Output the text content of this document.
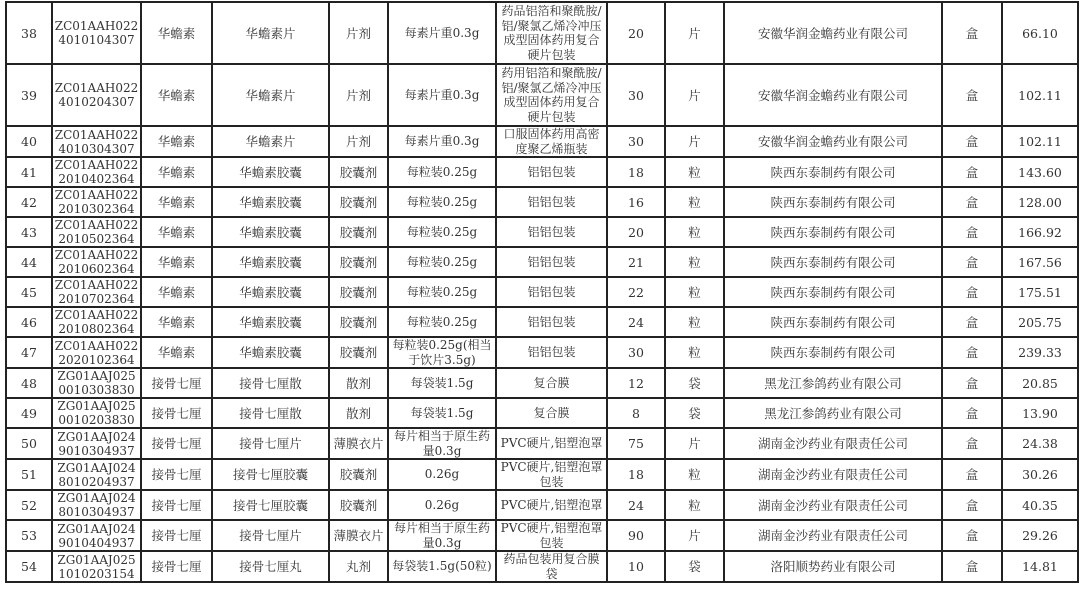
38	ZC01AAH0224010104307	华蟾素	华蟾素片	片剂	每素片重0.3g	药品铝箔和聚酰胺/铝/聚氯乙烯冷冲压成型固体药用复合硬片包装	20	片	安徽华润金蟾药业有限公司	盒	66.10
39	ZC01AAH0224010204307	华蟾素	华蟾素片	片剂	每素片重0.3g	药用铝箔和聚酰胺/铝/聚氯乙烯冷冲压成型固体药用复合硬片包装	30	片	安徽华润金蟾药业有限公司	盒	102.11
40	ZC01AAH0224010304307	华蟾素	华蟾素片	片剂	每素片重0.3g	口服固体药用高密度聚乙烯瓶装	30	片	安徽华润金蟾药业有限公司	盒	102.11
41	ZC01AAH0222010402364	华蟾素	华蟾素胶囊	胶囊剂	每粒装0.25g	铝铝包装	18	粒	陕西东泰制药有限公司	盒	143.60
42	ZC01AAH0222010302364	华蟾素	华蟾素胶囊	胶囊剂	每粒装0.25g	铝铝包装	16	粒	陕西东泰制药有限公司	盒	128.00
43	ZC01AAH0222010502364	华蟾素	华蟾素胶囊	胶囊剂	每粒装0.25g	铝铝包装	20	粒	陕西东泰制药有限公司	盒	166.92
44	ZC01AAH0222010602364	华蟾素	华蟾素胶囊	胶囊剂	每粒装0.25g	铝铝包装	21	粒	陕西东泰制药有限公司	盒	167.56
45	ZC01AAH0222010702364	华蟾素	华蟾素胶囊	胶囊剂	每粒装0.25g	铝铝包装	22	粒	陕西东泰制药有限公司	盒	175.51
46	ZC01AAH0222010802364	华蟾素	华蟾素胶囊	胶囊剂	每粒装0.25g	铝铝包装	24	粒	陕西东泰制药有限公司	盒	205.75
47	ZC01AAH0222020102364	华蟾素	华蟾素胶囊	胶囊剂	每粒装0.25g(相当于饮片3.5g)	铝铝包装	30	粒	陕西东泰制药有限公司	盒	239.33
48	ZG01AAJ0250010303830	接骨七厘	接骨七厘散	散剂	每袋装1.5g	复合膜	12	袋	黑龙江参鸽药业有限公司	盒	20.85
49	ZG01AAJ0250010203830	接骨七厘	接骨七厘散	散剂	每袋装1.5g	复合膜	8	袋	黑龙江参鸽药业有限公司	盒	13.90
50	ZG01AAJ0249010304937	接骨七厘	接骨七厘片	薄膜衣片	每片相当于原生药量0.3g	PVC硬片,铝塑泡罩	75	片	湖南金沙药业有限责任公司	盒	24.38
51	ZG01AAJ0248010204937	接骨七厘	接骨七厘胶囊	胶囊剂	0.26g	PVC硬片,铝塑泡罩包装	18	粒	湖南金沙药业有限责任公司	盒	30.26
52	ZG01AAJ0248010304937	接骨七厘	接骨七厘胶囊	胶囊剂	0.26g	PVC硬片,铝塑泡罩	24	粒	湖南金沙药业有限责任公司	盒	40.35
53	ZG01AAJ0249010404937	接骨七厘	接骨七厘片	薄膜衣片	每片相当于原生药量0.3g	PVC硬片,铝塑泡罩包装	90	片	湖南金沙药业有限责任公司	盒	29.26
54	ZG01AAJ0251010203154	接骨七厘	接骨七厘丸	丸剂	每袋装1.5g(50粒)	药品包装用复合膜袋	10	袋	洛阳顺势药业有限公司	盒	14.81
